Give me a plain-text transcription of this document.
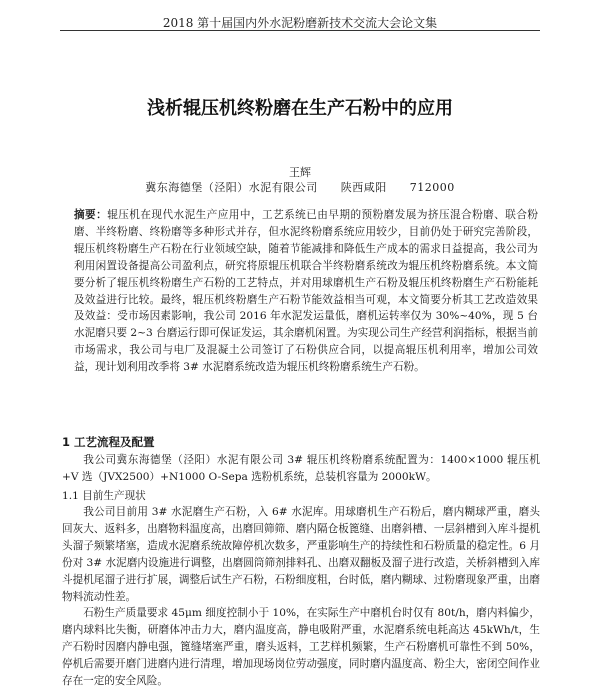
2018 第十届国内外水泥粉磨新技术交流大会论文集
浅析辊压机终粉磨在生产石粉中的应用
王辉
冀东海德堡（泾阳）水泥有限公司　　陕西咸阳　　712000
摘要：辊压机在现代水泥生产应用中，工艺系统已由早期的预粉磨发展为挤压混合粉磨、联合粉磨、半终粉磨、终粉磨等多种形式并存，但水泥终粉磨系统应用较少，目前仍处于研究完善阶段，辊压机终粉磨生产石粉在行业领域空缺，随着节能减排和降低生产成本的需求日益提高，我公司为利用闲置设备提高公司盈利点，研究将原辊压机联合半终粉磨系统改为辊压机终粉磨系统。本文简要分析了辊压机终粉磨生产石粉的工艺特点，并对用球磨机生产石粉及辊压机终粉磨生产石粉能耗及效益进行比较。最终，辊压机终粉磨生产石粉节能效益相当可观，本文简要分析其工艺改造效果及效益：受市场因素影响，我公司 2016 年水泥发运量低，磨机运转率仅为 30%~40%，现 5 台水泥磨只要 2~3 台磨运行即可保证发运，其余磨机闲置。为实现公司生产经营利润指标，根据当前市场需求，我公司与电厂及混凝土公司签订了石粉供应合同，以提高辊压机利用率，增加公司效益，现计划利用改季将 3# 水泥磨系统改造为辊压机终粉磨系统生产石粉。
1 工艺流程及配置
我公司冀东海德堡（泾阳）水泥有限公司 3# 辊压机终粉磨系统配置为：1400×1000 辊压机 +V 选（JVX2500）+N1000 O-Sepa 选粉机系统，总装机容量为 2000kW。
1.1 目前生产现状
我公司目前用 3# 水泥磨生产石粉，入 6# 水泥库。用球磨机生产石粉后，磨内糊球严重，磨头回灰大、返料多，出磨物料温度高，出磨回筛筛、磨内隔仓板篦缝、出磨斜槽、一层斜槽到入库斗提机头溜子频繁堵塞，造成水泥磨系统故障停机次数多，严重影响生产的持续性和石粉质量的稳定性。6 月份对 3# 水泥磨内设施进行调整，出磨圆筒筛剂排料孔、出磨双翻板及溜子进行改造，关桥斜槽到入库斗提机尾溜子进行扩展，调整后试生产石粉，石粉细度粗，台时低，磨内糊球、过粉磨现象严重，出磨物料流动性差。
石粉生产质量要求 45μm 细度控制小于 10%，在实际生产中磨机台时仅有 80t/h，磨内料偏少，磨内球料比失衡，研磨体冲击力大，磨内温度高，静电吸附严重，水泥磨系统电耗高达 45kWh/t，生产石粉时因磨内静电强，篦缝堵塞严重，磨头返料，工艺样机频繁，生产石粉磨机可靠性不到 50%，停机后需要开磨门进磨内进行清理，增加现场岗位劳动强度，同时磨内温度高、粉尘大，密闭空间作业存在一定的安全风险。
